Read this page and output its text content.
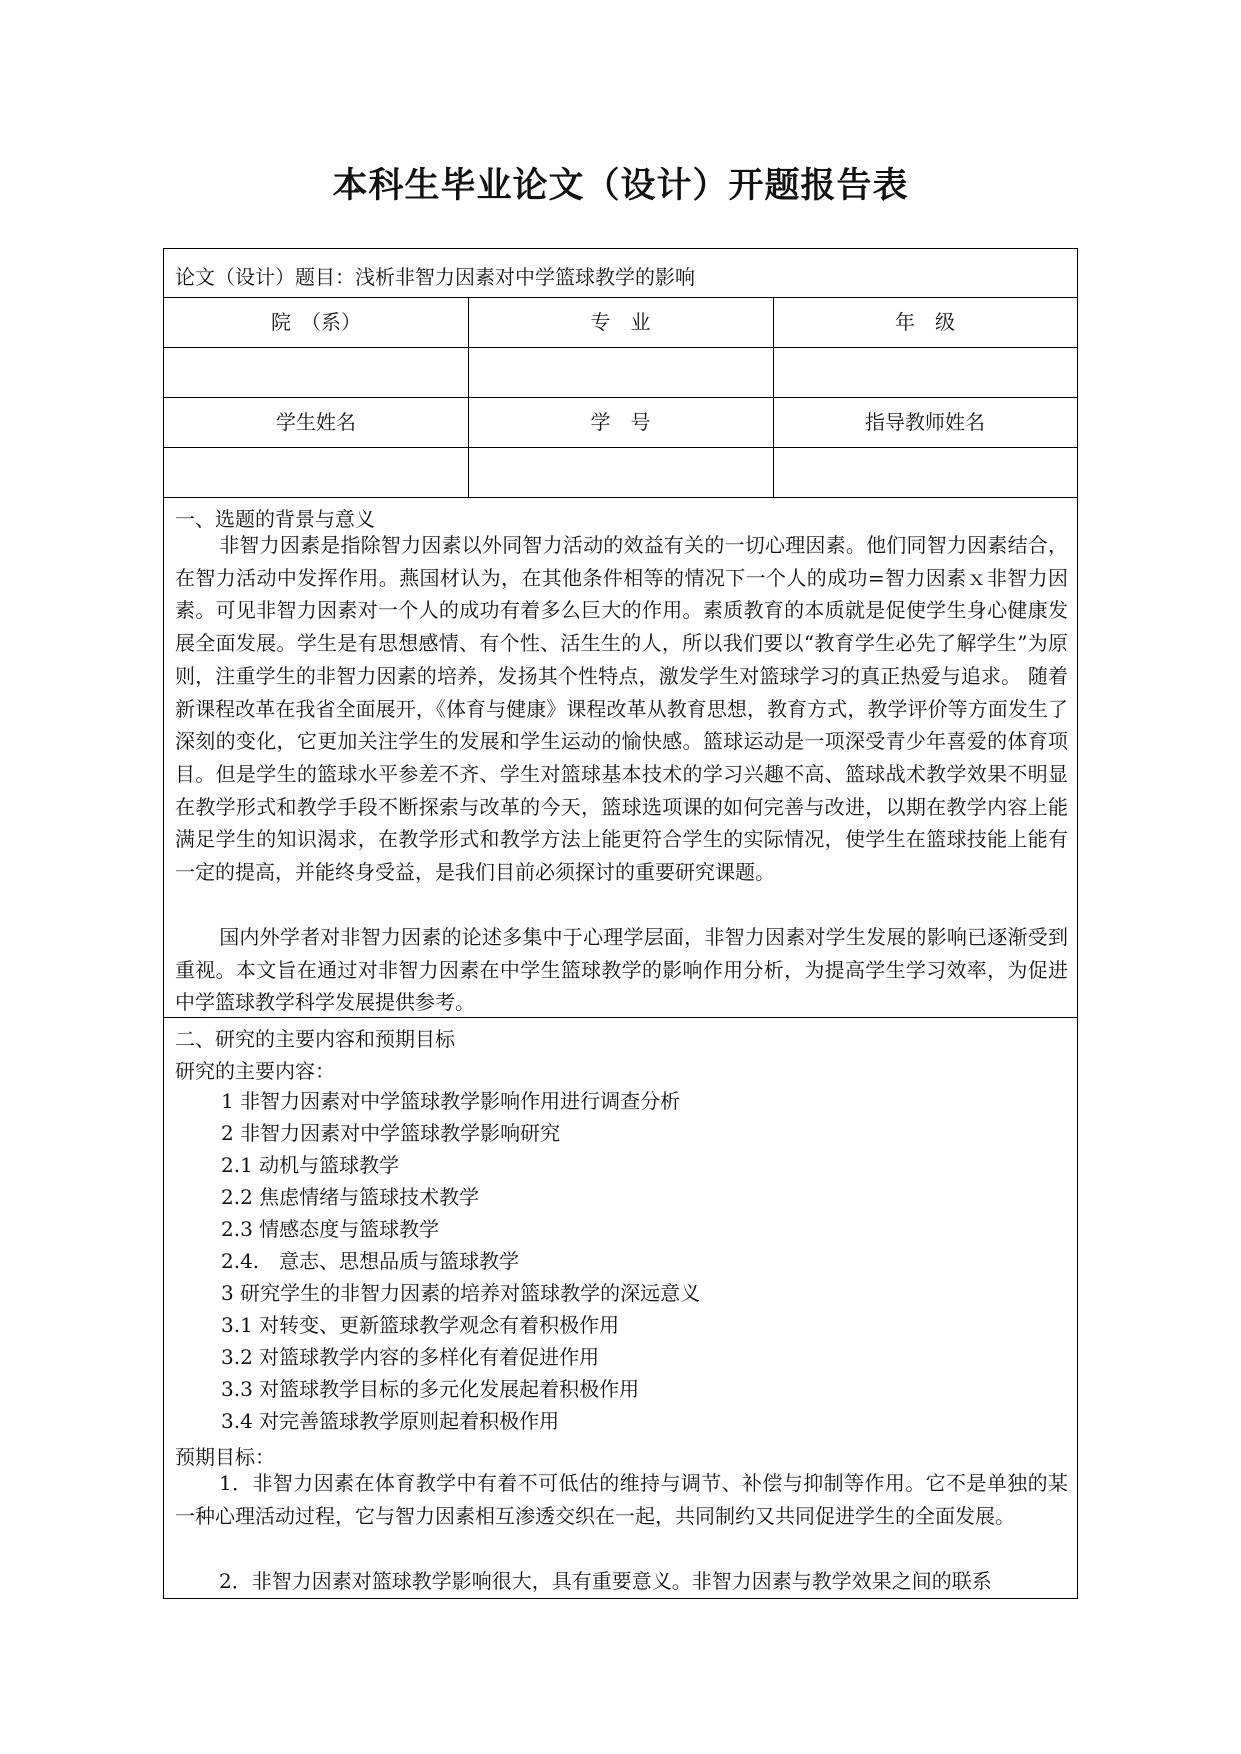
本科生毕业论文（设计）开题报告表
论文（设计）题目：浅析非智力因素对中学篮球教学的影响
院　（系）	专　业	年　级
学生姓名	学　号	指导教师姓名
一、选题的背景与意义
非智力因素是指除智力因素以外同智力活动的效益有关的一切心理因素。他们同智力因素结合，在智力活动中发挥作用。燕国材认为，在其他条件相等的情况下一个人的成功=智力因素ｘ非智力因素。可见非智力因素对一个人的成功有着多么巨大的作用。素质教育的本质就是促使学生身心健康发展全面发展。学生是有思想感情、有个性、活生生的人，所以我们要以“教育学生必先了解学生”为原则，注重学生的非智力因素的培养，发扬其个性特点，激发学生对篮球学习的真正热爱与追求。 随着新课程改革在我省全面展开，《体育与健康》课程改革从教育思想，教育方式，教学评价等方面发生了深刻的变化，它更加关注学生的发展和学生运动的愉快感。篮球运动是一项深受青少年喜爱的体育项目。但是学生的篮球水平参差不齐、学生对篮球基本技术的学习兴趣不高、篮球战术教学效果不明显在教学形式和教学手段不断探索与改革的今天，篮球选项课的如何完善与改进，以期在教学内容上能满足学生的知识渴求，在教学形式和教学方法上能更符合学生的实际情况，使学生在篮球技能上能有一定的提高，并能终身受益，是我们目前必须探讨的重要研究课题。
国内外学者对非智力因素的论述多集中于心理学层面，非智力因素对学生发展的影响已逐渐受到重视。本文旨在通过对非智力因素在中学生篮球教学的影响作用分析，为提高学生学习效率，为促进中学篮球教学科学发展提供参考。
二、研究的主要内容和预期目标
研究的主要内容：
1 非智力因素对中学篮球教学影响作用进行调查分析
2 非智力因素对中学篮球教学影响研究
2.1 动机与篮球教学
2.2 焦虑情绪与篮球技术教学
2.3 情感态度与篮球教学
2.4.　意志、思想品质与篮球教学
3 研究学生的非智力因素的培养对篮球教学的深远意义
3.1 对转变、更新篮球教学观念有着积极作用
3.2 对篮球教学内容的多样化有着促进作用
3.3 对篮球教学目标的多元化发展起着积极作用
3.4 对完善篮球教学原则起着积极作用
预期目标：
1．非智力因素在体育教学中有着不可低估的维持与调节、补偿与抑制等作用。它不是单独的某一种心理活动过程，它与智力因素相互渗透交织在一起，共同制约又共同促进学生的全面发展。
2．非智力因素对篮球教学影响很大，具有重要意义。非智力因素与教学效果之间的联系
